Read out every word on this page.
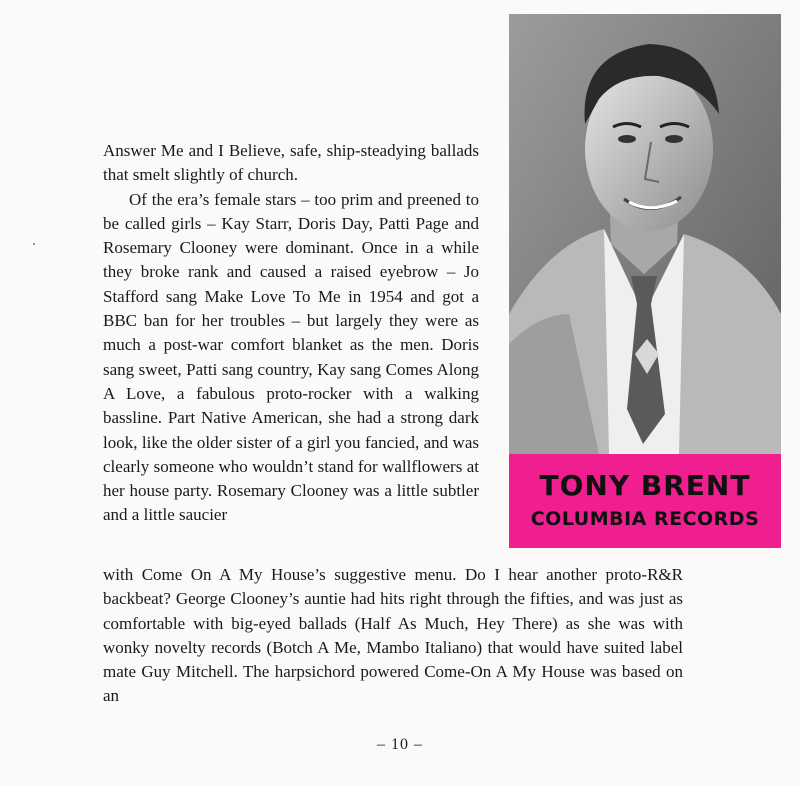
TONY BRENT
COLUMBIA RECORDS

Answer Me and I Believe, safe, ship-steadying ballads that smelt slightly of church.

Of the era’s female stars – too prim and preened to be called girls – Kay Starr, Doris Day, Patti Page and Rosemary Clooney were dominant. Once in a while they broke rank and caused a raised eyebrow – Jo Stafford sang Make Love To Me in 1954 and got a BBC ban for her troubles – but largely they were as much a post-war comfort blanket as the men. Doris sang sweet, Patti sang country, Kay sang Comes Along A Love, a fabulous proto-rocker with a walking bassline. Part Native American, she had a strong dark look, like the older sister of a girl you fancied, and was clearly someone who wouldn’t stand for wallflowers at her house party. Rosemary Clooney was a little subtler and a little saucier

with Come On A My House’s suggestive menu. Do I hear another proto-R&R backbeat? George Clooney’s auntie had hits right through the fifties, and was just as comfortable with big-eyed ballads (Half As Much, Hey There) as she was with wonky novelty records (Botch A Me, Mambo Italiano) that would have suited label mate Guy Mitchell. The harpsichord powered Come-On A My House was based on an

– 10 –
